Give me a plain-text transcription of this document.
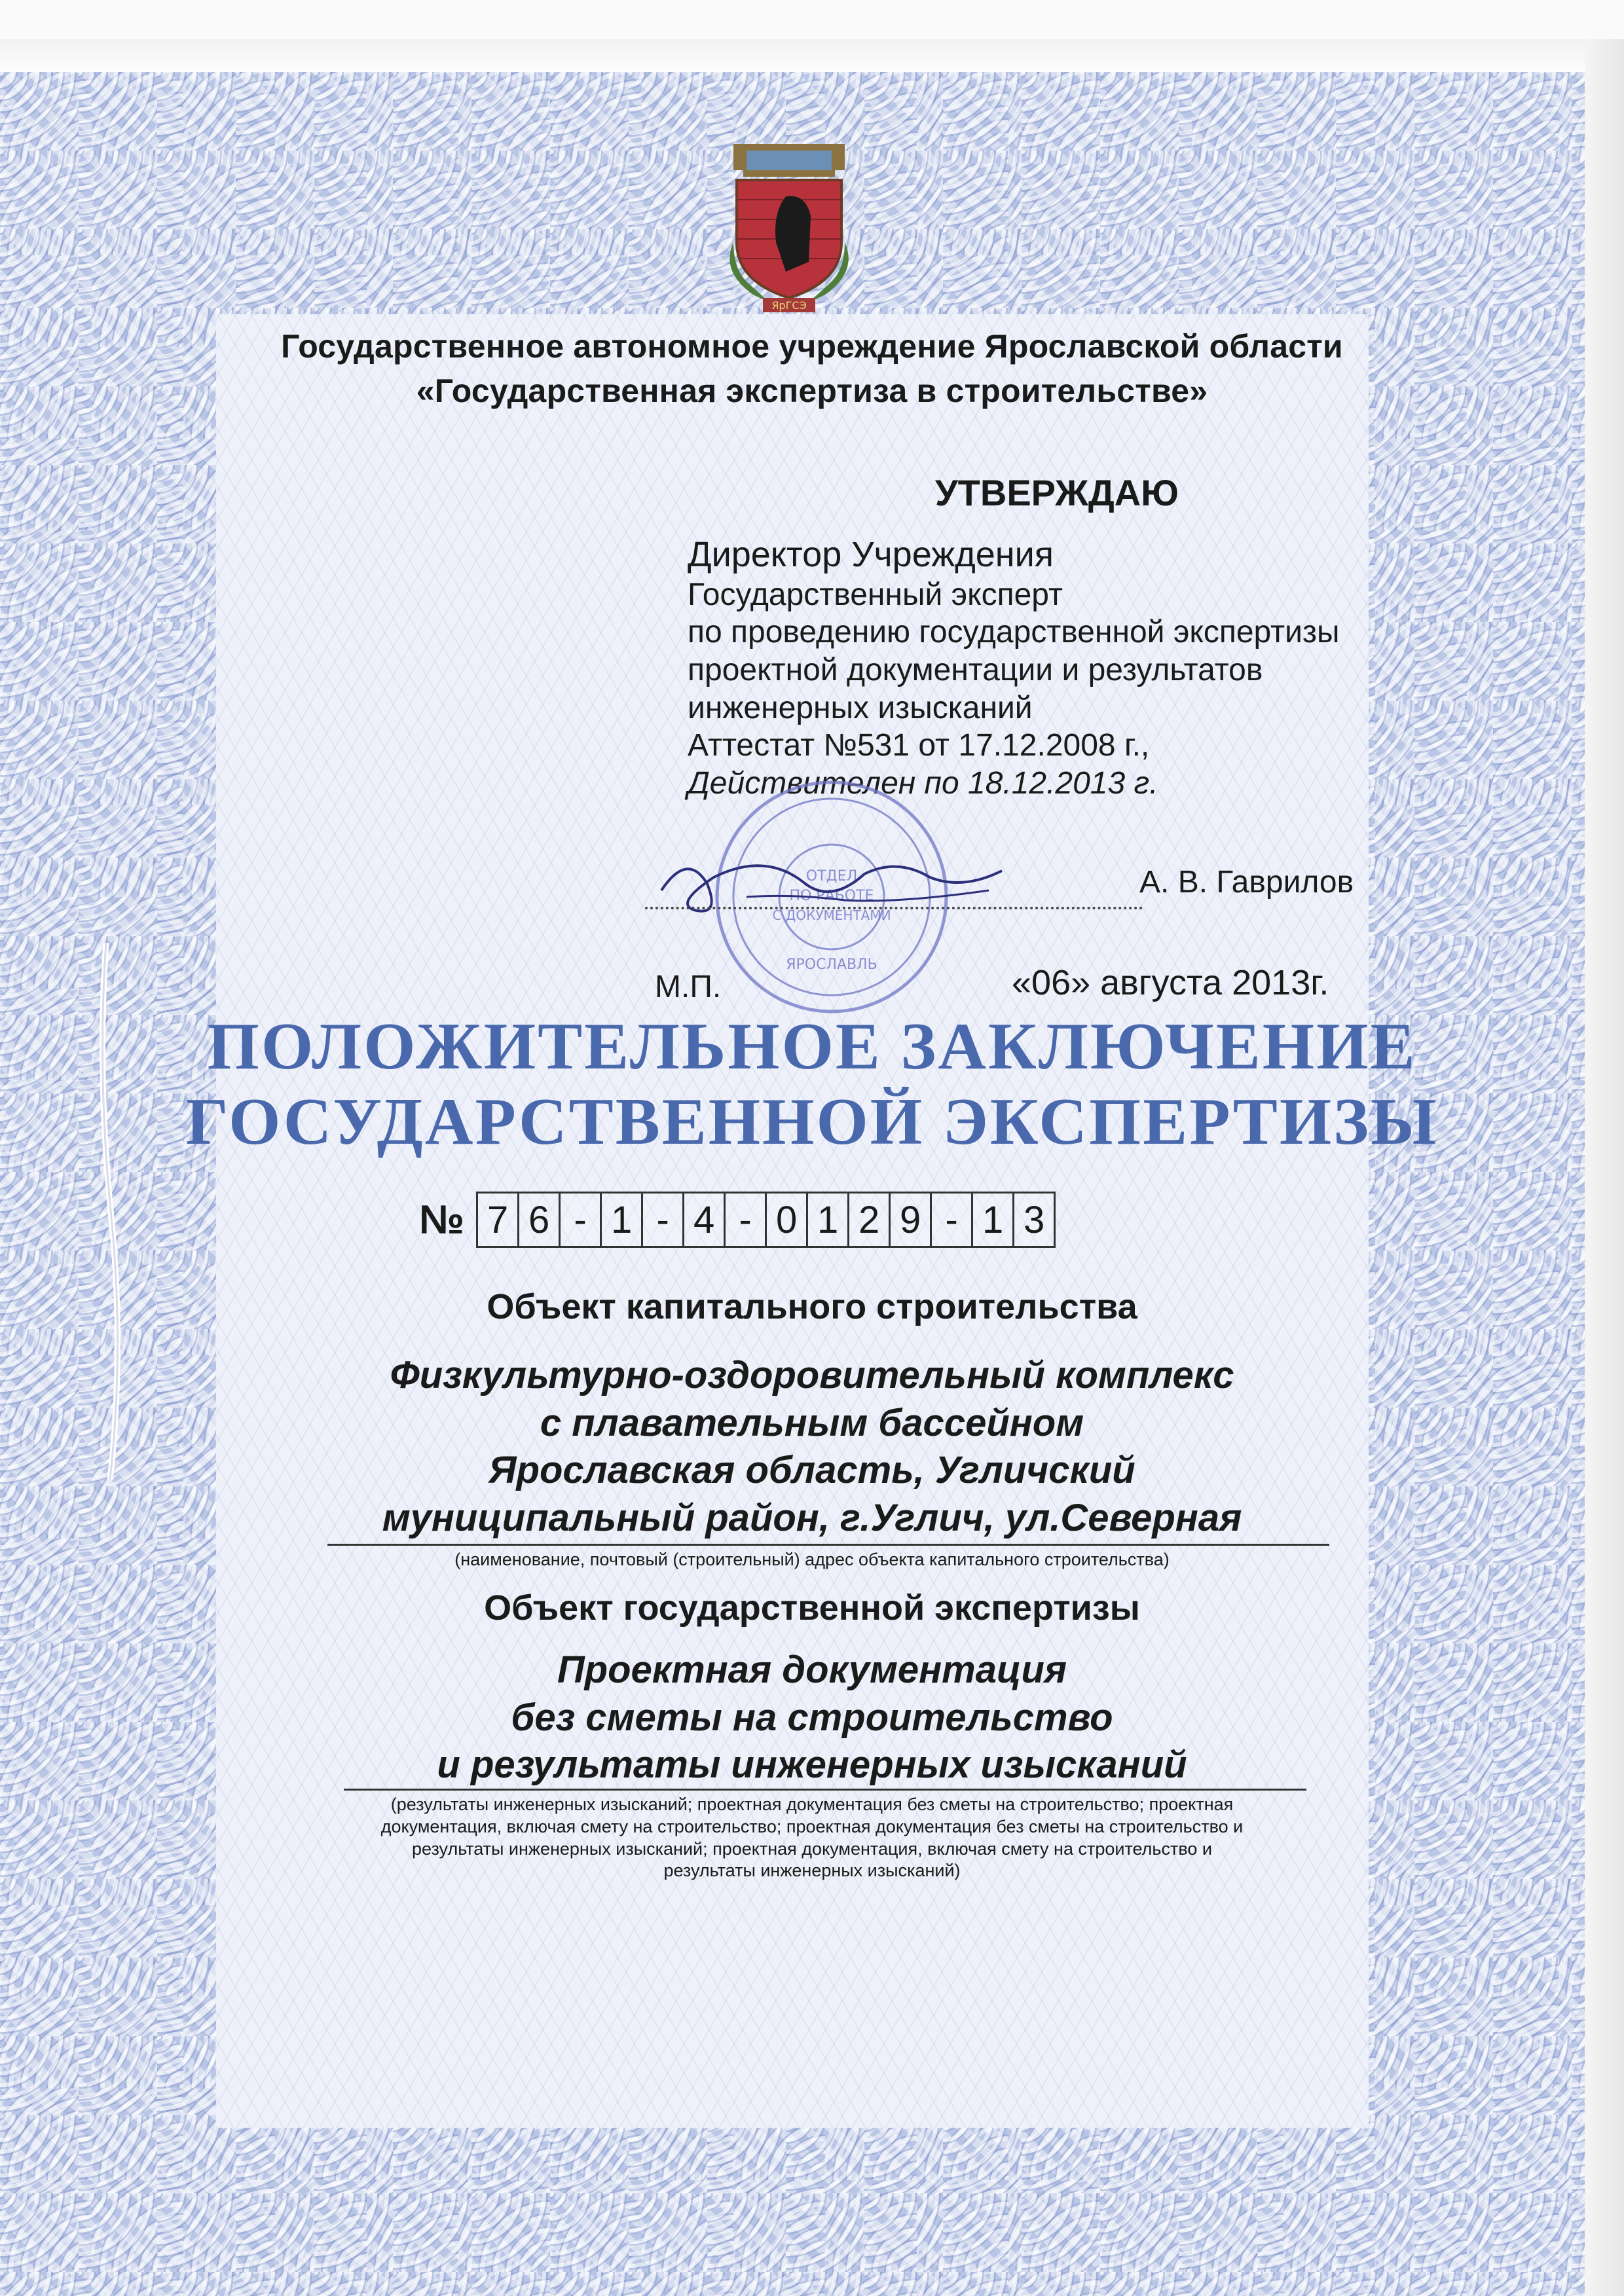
ЯрГСЭ
Государственное автономное учреждение Ярославской области
«Государственная экспертиза в строительстве»
УТВЕРЖДАЮ
Директор Учреждения
Государственный эксперт
по проведению государственной экспертизы
проектной документации и результатов
инженерных изысканий
Аттестат №531 от 17.12.2008 г.,
Действителен по 18.12.2013 г.
ОТДЕЛ
ПО РАБОТЕ
С ДОКУМЕНТАМИ
ЯРОСЛАВЛЬ
А. В. Гаврилов
М.П.	«06» августа 2013г.
ПОЛОЖИТЕЛЬНОЕ ЗАКЛЮЧЕНИЕ
ГОСУДАРСТВЕННОЙ ЭКСПЕРТИЗЫ
№ 7 6 - 1 - 4 - 0 1 2 9 - 1 3
Объект капитального строительства
Физкультурно-оздоровительный комплекс
с плавательным бассейном
Ярославская область, Угличский
муниципальный район, г.Углич, ул.Северная
(наименование, почтовый (строительный) адрес объекта капитального строительства)
Объект государственной экспертизы
Проектная документация
без сметы на строительство
и результаты инженерных изысканий
(результаты инженерных изысканий; проектная документация без сметы на строительство; проектная
документация, включая смету на строительство; проектная документация без сметы на строительство и
результаты инженерных изысканий; проектная документация, включая смету на строительство и
результаты инженерных изысканий)
